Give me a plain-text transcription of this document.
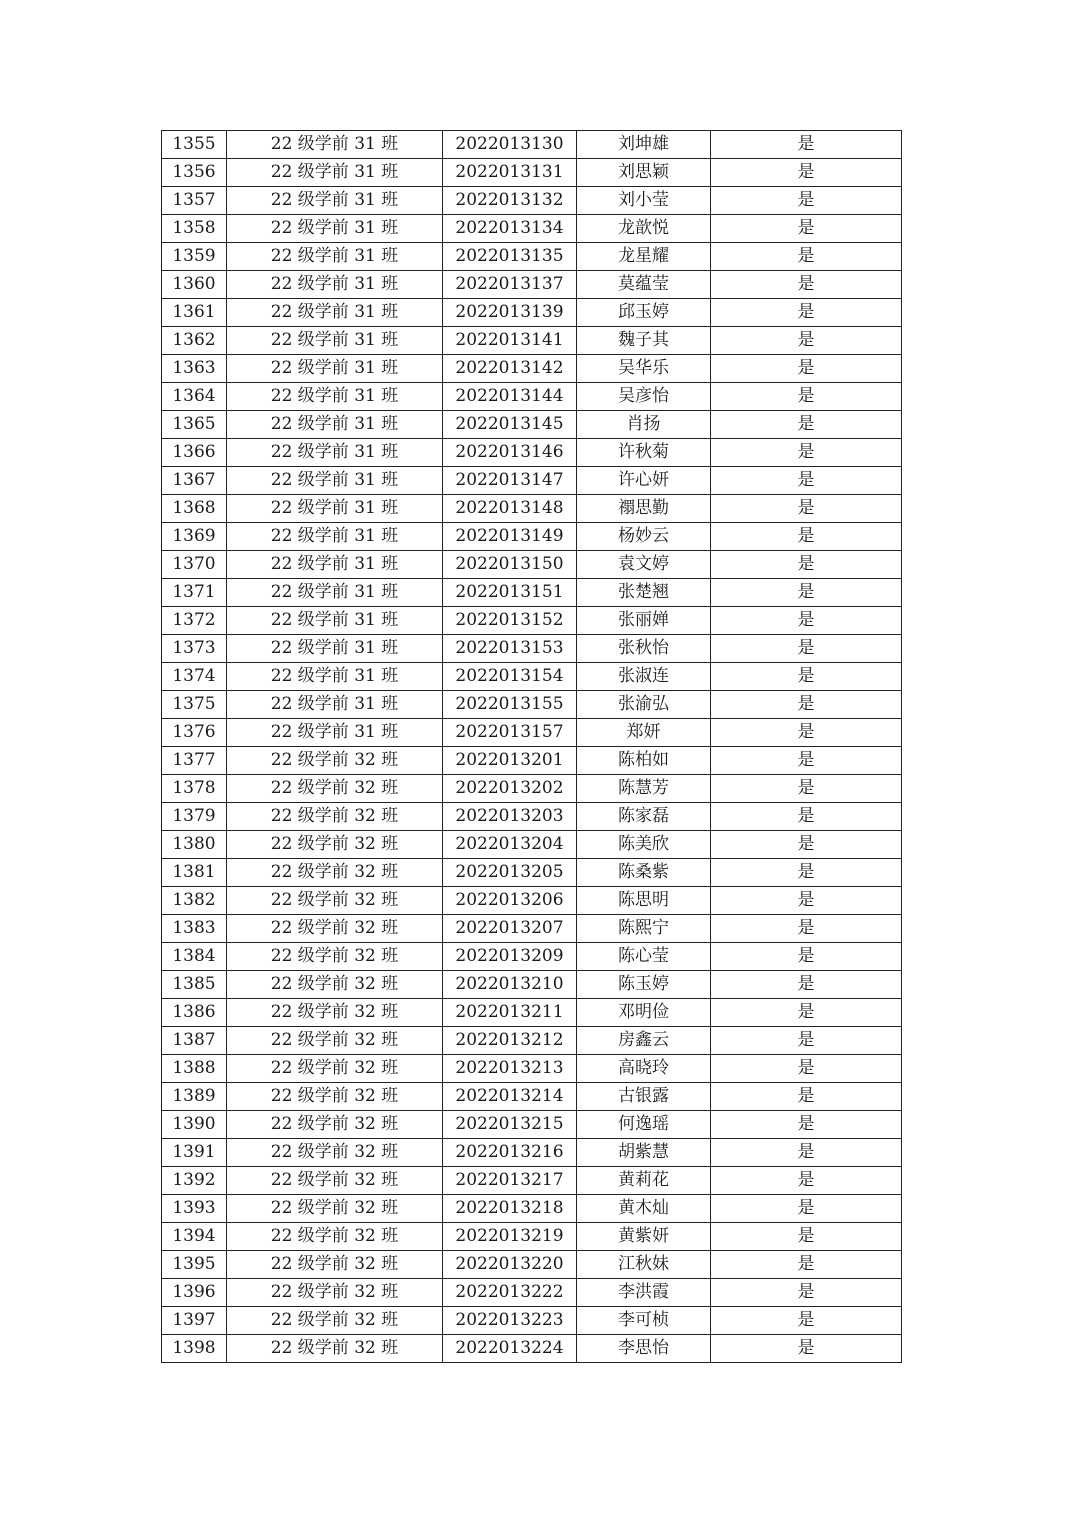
1355	22 级学前 31 班	2022013130	刘坤雄	是
1356	22 级学前 31 班	2022013131	刘思颖	是
1357	22 级学前 31 班	2022013132	刘小莹	是
1358	22 级学前 31 班	2022013134	龙歆悦	是
1359	22 级学前 31 班	2022013135	龙星耀	是
1360	22 级学前 31 班	2022013137	莫蕴莹	是
1361	22 级学前 31 班	2022013139	邱玉婷	是
1362	22 级学前 31 班	2022013141	魏子其	是
1363	22 级学前 31 班	2022013142	吴华乐	是
1364	22 级学前 31 班	2022013144	吴彦怡	是
1365	22 级学前 31 班	2022013145	肖扬	是
1366	22 级学前 31 班	2022013146	许秋菊	是
1367	22 级学前 31 班	2022013147	许心妍	是
1368	22 级学前 31 班	2022013148	禤思勤	是
1369	22 级学前 31 班	2022013149	杨妙云	是
1370	22 级学前 31 班	2022013150	袁文婷	是
1371	22 级学前 31 班	2022013151	张楚翘	是
1372	22 级学前 31 班	2022013152	张丽婵	是
1373	22 级学前 31 班	2022013153	张秋怡	是
1374	22 级学前 31 班	2022013154	张淑连	是
1375	22 级学前 31 班	2022013155	张渝弘	是
1376	22 级学前 31 班	2022013157	郑妍	是
1377	22 级学前 32 班	2022013201	陈柏如	是
1378	22 级学前 32 班	2022013202	陈慧芳	是
1379	22 级学前 32 班	2022013203	陈家磊	是
1380	22 级学前 32 班	2022013204	陈美欣	是
1381	22 级学前 32 班	2022013205	陈桑紫	是
1382	22 级学前 32 班	2022013206	陈思明	是
1383	22 级学前 32 班	2022013207	陈熙宁	是
1384	22 级学前 32 班	2022013209	陈心莹	是
1385	22 级学前 32 班	2022013210	陈玉婷	是
1386	22 级学前 32 班	2022013211	邓明俭	是
1387	22 级学前 32 班	2022013212	房鑫云	是
1388	22 级学前 32 班	2022013213	高晓玲	是
1389	22 级学前 32 班	2022013214	古银露	是
1390	22 级学前 32 班	2022013215	何逸瑶	是
1391	22 级学前 32 班	2022013216	胡紫慧	是
1392	22 级学前 32 班	2022013217	黄莉花	是
1393	22 级学前 32 班	2022013218	黄木灿	是
1394	22 级学前 32 班	2022013219	黄紫妍	是
1395	22 级学前 32 班	2022013220	江秋妹	是
1396	22 级学前 32 班	2022013222	李洪霞	是
1397	22 级学前 32 班	2022013223	李可桢	是
1398	22 级学前 32 班	2022013224	李思怡	是
